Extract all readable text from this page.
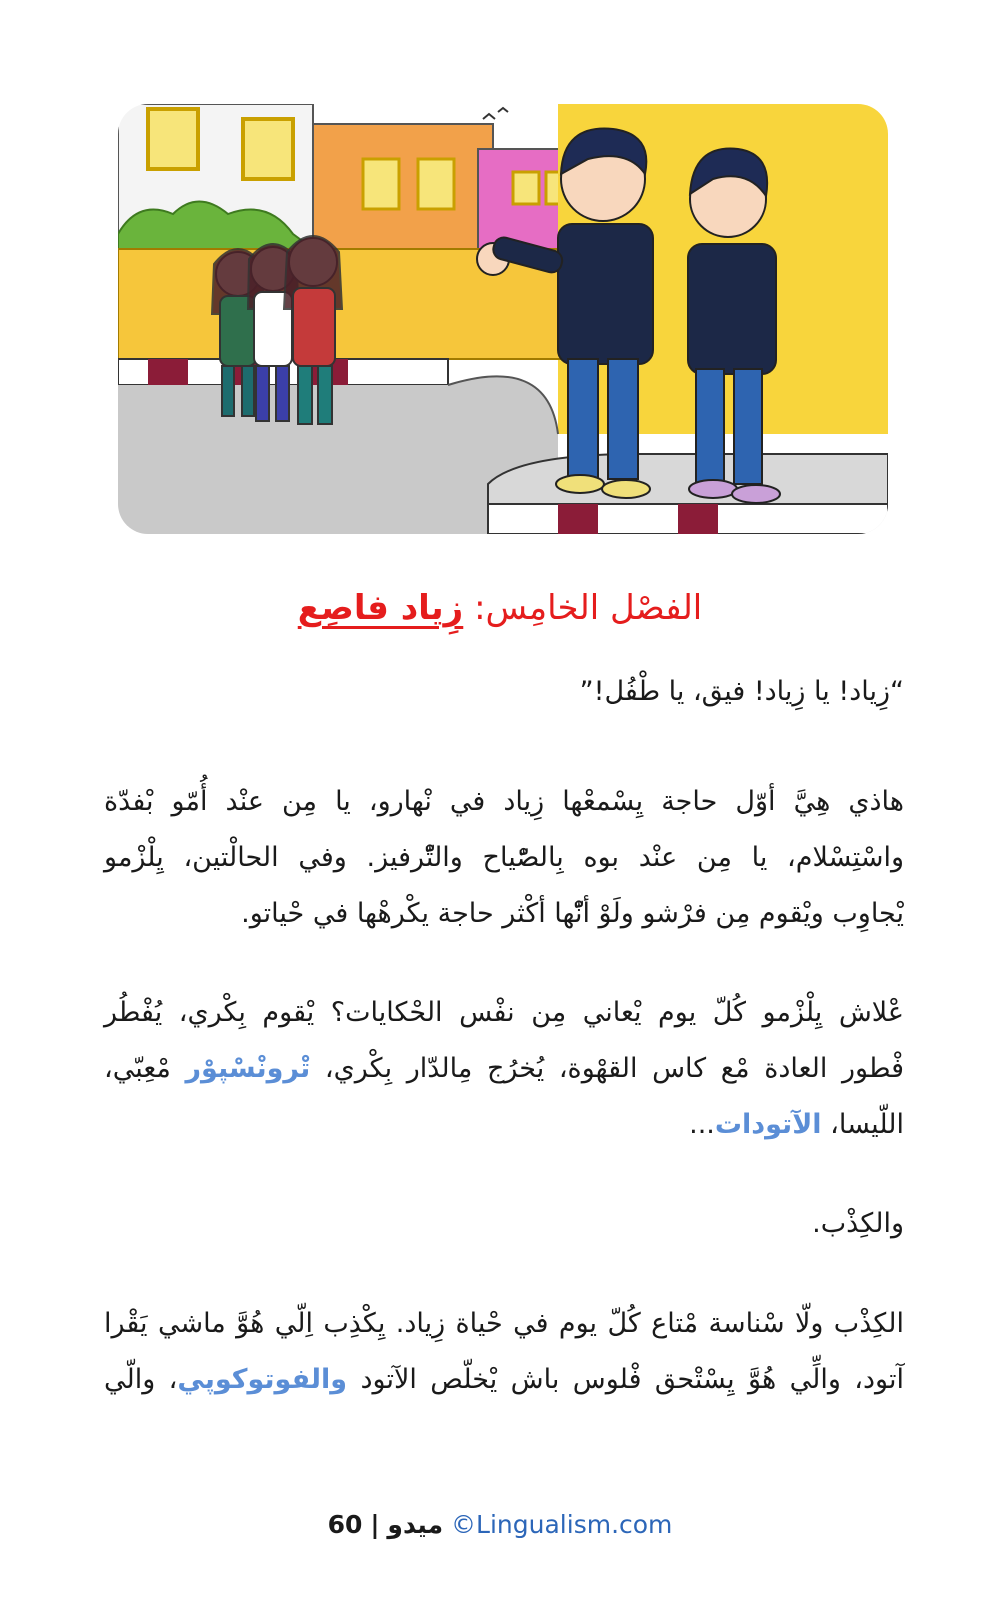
الفصْل الخامِس: زِياد فاصِع
“زِياد! يا زِياد! فيق، يا طْفُل!”
هاذي هِيَّ أوّل حاجة يِسْمعْها زِياد في نْهارو، يا مِن عنْد أُمّو بْفدّة
واسْتِسْلام، يا مِن عنْد بوه بِالصّْياح والتّْرفيز. وفي الحالْتين، يِلْزْمو
يْجاوِب ويْقوم مِن فرْشو ولَوْ أنّْها أكْثر حاجة يكْرهْها في حْياتو.
عْلاش يِلْزْمو كُلّ يوم يْعاني مِن نفْس الحْكايات؟ يْقوم بِكْري، يُفْطُر
فْطور العادة مْع كاس القهْوة، يُخرُج مِالدّار بِكْري، تْرونْسْپوْر مْعِبّي،
اللّيسا، الآتودات...
والكِذْب.
الكِذْب ولّا سْناسة مْتاع كُلّ يوم في حْياة زِياد. يِكْذِب اِلّي هُوَّ ماشي يَقْرا
آتود، والِّي هُوَّ يِسْتْحق فْلوس باش يْخلّص الآتود والفوتوكوپي، والّي
60 | ميدو ©Lingualism.com
